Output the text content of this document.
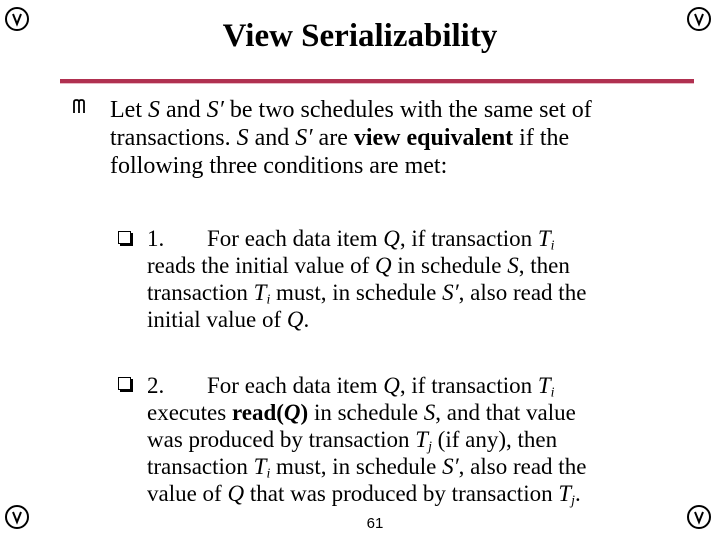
View Serializability
Let S and S′ be two schedules with the same set of
transactions. S and S′ are view equivalent if the
following three conditions are met:
1. For each data item Q, if transaction $T_i$
reads the initial value of Q in schedule S, then
transaction $T_i$ must, in schedule S′, also read the
initial value of Q.
2. For each data item Q, if transaction $T_i$
executes read(Q) in schedule S, and that value
was produced by transaction $T_j$ (if any), then
transaction $T_i$ must, in schedule S′, also read the
value of Q that was produced by transaction $T_j$.
61
